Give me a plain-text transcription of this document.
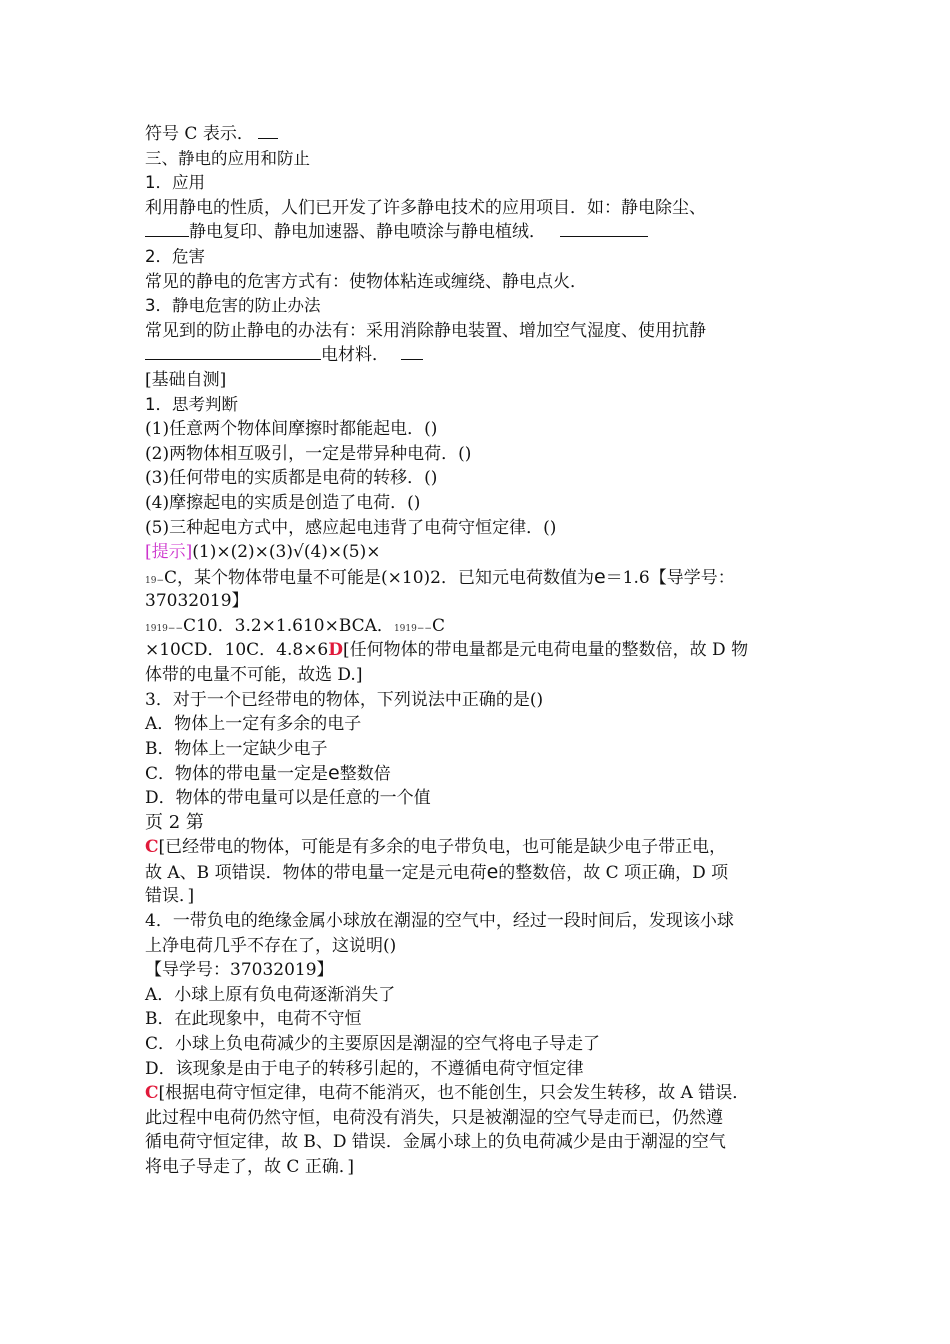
符号 C 表示．
三、静电的应用和防止
1．应用
利用静电的性质，人们已开发了许多静电技术的应用项目．如：静电除尘、
静电复印、静电加速器、静电喷涂与静电植绒．
2．危害
常见的静电的危害方式有：使物体粘连或缠绕、静电点火．
3．静电危害的防止办法
常见到的防止静电的办法有：采用消除静电装置、增加空气湿度、使用抗静
电材料．
[基础自测]
1．思考判断
(1)任意两个物体间摩擦时都能起电．()
(2)两物体相互吸引，一定是带异种电荷．()
(3)任何带电的实质都是电荷的转移．()
(4)摩擦起电的实质是创造了电荷．()
(5)三种起电方式中，感应起电违背了电荷守恒定律．()
[提示](1)×(2)×(3)√(4)×(5)×
19−C，某个物体带电量不可能是(×10)2．已知元电荷数值为e＝1.6【导学号：
37032019】
1919−−C10．3.2×1.610×BCA．1919−−C
×10CD．10C．4.8×6D[任何物体的带电量都是元电荷电量的整数倍，故 D 物
体带的电量不可能，故选 D.]
3．对于一个已经带电的物体，下列说法中正确的是()
A．物体上一定有多余的电子
B．物体上一定缺少电子
C．物体的带电量一定是e整数倍
D．物体的带电量可以是任意的一个值
页 2 第
C[已经带电的物体，可能是有多余的电子带负电，也可能是缺少电子带正电，
故 A、B 项错误．物体的带电量一定是元电荷e的整数倍，故 C 项正确，D 项
错误．]
4．一带负电的绝缘金属小球放在潮湿的空气中，经过一段时间后，发现该小球
上净电荷几乎不存在了，这说明()
【导学号：37032019】
A．小球上原有负电荷逐渐消失了
B．在此现象中，电荷不守恒
C．小球上负电荷减少的主要原因是潮湿的空气将电子导走了
D．该现象是由于电子的转移引起的，不遵循电荷守恒定律
C[根据电荷守恒定律，电荷不能消灭，也不能创生，只会发生转移，故 A 错误．
此过程中电荷仍然守恒，电荷没有消失，只是被潮湿的空气导走而已，仍然遵
循电荷守恒定律，故 B、D 错误．金属小球上的负电荷减少是由于潮湿的空气
将电子导走了，故 C 正确．]
